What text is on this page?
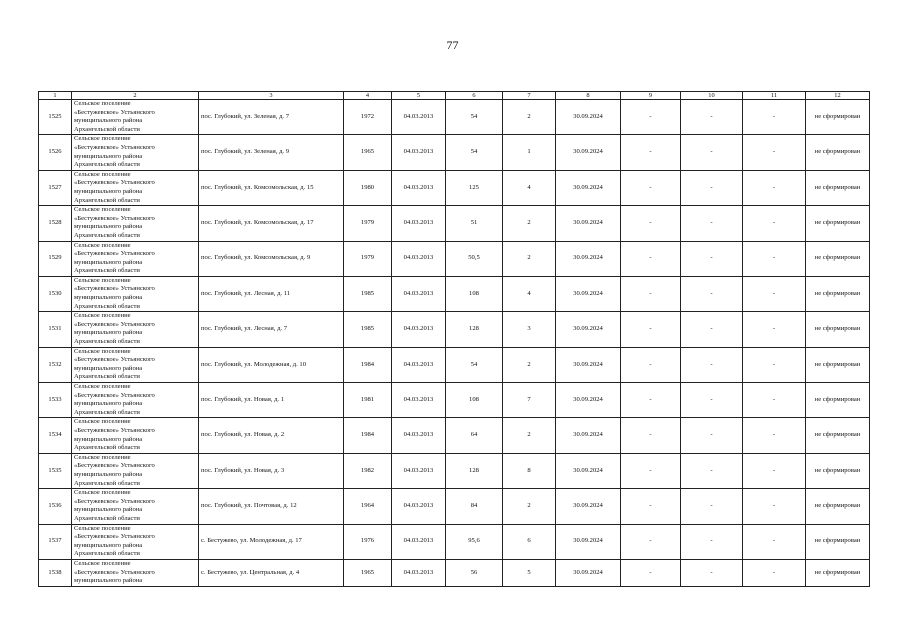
77
1	2	3	4	5	6	7	8	9	10	11	12
1525	Сельское поселение
«Бестужевское» Устьянского
муниципального района
Архангельской области	пос. Глубокий, ул. Зеленая, д. 7	1972	04.03.2013	54	2	30.09.2024	-	-	-	не сформирован
1526	Сельское поселение
«Бестужевское» Устьянского
муниципального района
Архангельской области	пос. Глубокий, ул. Зеленая, д. 9	1965	04.03.2013	54	1	30.09.2024	-	-	-	не сформирован
1527	Сельское поселение
«Бестужевское» Устьянского
муниципального района
Архангельской области	пос. Глубокий, ул. Комсомольская, д. 15	1980	04.03.2013	125	4	30.09.2024	-	-	-	не сформирован
1528	Сельское поселение
«Бестужевское» Устьянского
муниципального района
Архангельской области	пос. Глубокий, ул. Комсомольская, д. 17	1979	04.03.2013	51	2	30.09.2024	-	-	-	не сформирован
1529	Сельское поселение
«Бестужевское» Устьянского
муниципального района
Архангельской области	пос. Глубокий, ул. Комсомольская, д. 9	1979	04.03.2013	50,5	2	30.09.2024	-	-	-	не сформирован
1530	Сельское поселение
«Бестужевское» Устьянского
муниципального района
Архангельской области	пос. Глубокий, ул. Лесная, д. 11	1985	04.03.2013	108	4	30.09.2024	-	-	-	не сформирован
1531	Сельское поселение
«Бестужевское» Устьянского
муниципального района
Архангельской области	пос. Глубокий, ул. Лесная, д. 7	1985	04.03.2013	128	3	30.09.2024	-	-	-	не сформирован
1532	Сельское поселение
«Бестужевское» Устьянского
муниципального района
Архангельской области	пос. Глубокий, ул. Молодежная, д. 10	1984	04.03.2013	54	2	30.09.2024	-	-	-	не сформирован
1533	Сельское поселение
«Бестужевское» Устьянского
муниципального района
Архангельской области	пос. Глубокий, ул. Новая, д. 1	1981	04.03.2013	108	7	30.09.2024	-	-	-	не сформирован
1534	Сельское поселение
«Бестужевское» Устьянского
муниципального района
Архангельской области	пос. Глубокий, ул. Новая, д. 2	1984	04.03.2013	64	2	30.09.2024	-	-	-	не сформирован
1535	Сельское поселение
«Бестужевское» Устьянского
муниципального района
Архангельской области	пос. Глубокий, ул. Новая, д. 3	1982	04.03.2013	128	8	30.09.2024	-	-	-	не сформирован
1536	Сельское поселение
«Бестужевское» Устьянского
муниципального района
Архангельской области	пос. Глубокий, ул. Почтовая, д. 12	1964	04.03.2013	84	2	30.09.2024	-	-	-	не сформирован
1537	Сельское поселение
«Бестужевское» Устьянского
муниципального района
Архангельской области	с. Бестужево, ул. Молодежная, д. 17	1976	04.03.2013	95,6	6	30.09.2024	-	-	-	не сформирован
1538	Сельское поселение
«Бестужевское» Устьянского
муниципального района	с. Бестужево, ул. Центральная, д. 4	1965	04.03.2013	56	5	30.09.2024	-	-	-	не сформирован
